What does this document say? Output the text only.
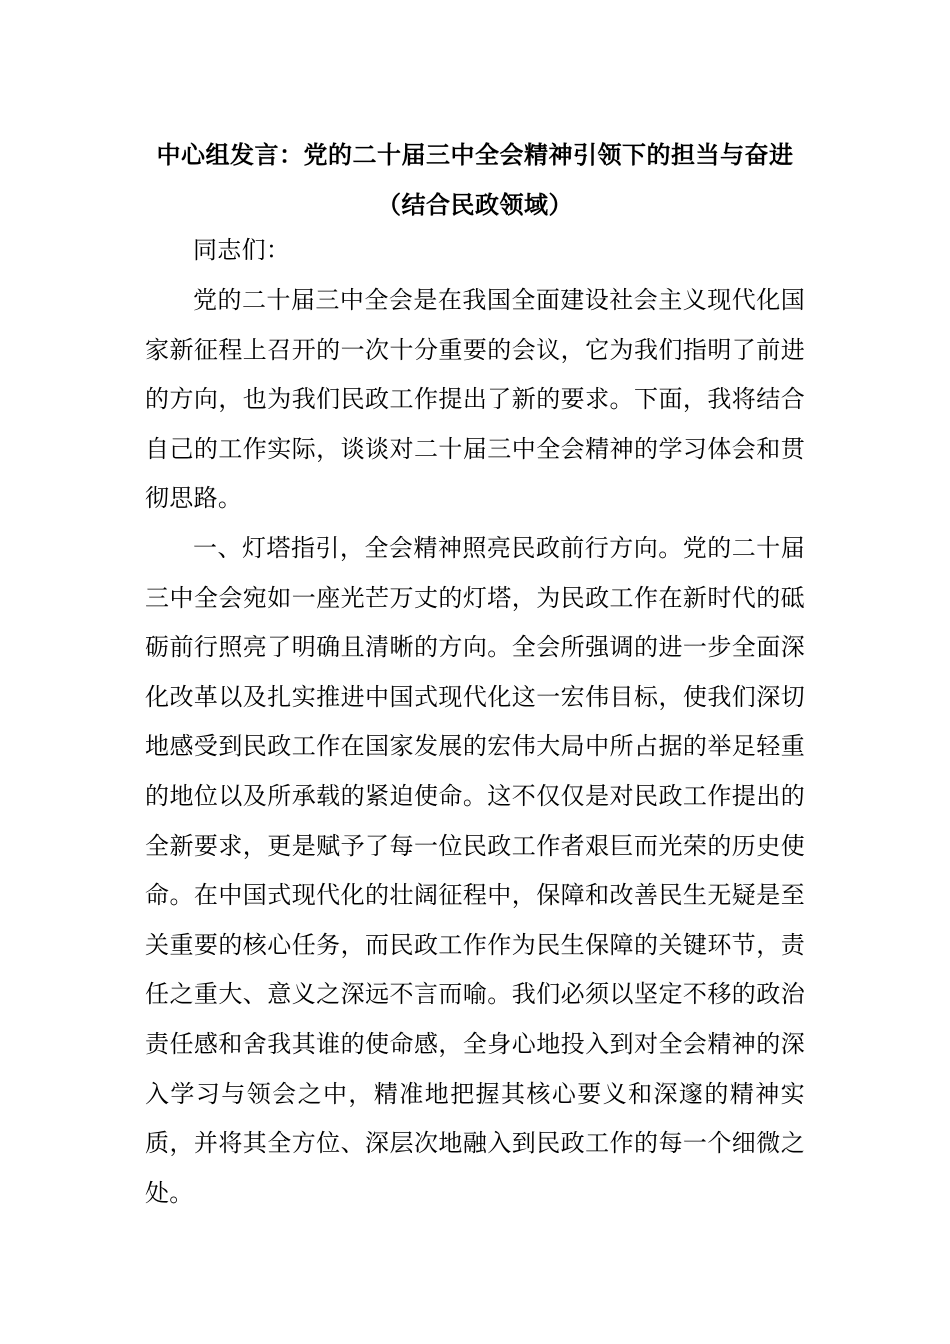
中心组发言：党的二十届三中全会精神引领下的担当与奋进（结合民政领域）

同志们：

党的二十届三中全会是在我国全面建设社会主义现代化国家新征程上召开的一次十分重要的会议，它为我们指明了前进的方向，也为我们民政工作提出了新的要求。下面，我将结合自己的工作实际，谈谈对二十届三中全会精神的学习体会和贯彻思路。

一、灯塔指引，全会精神照亮民政前行方向。党的二十届三中全会宛如一座光芒万丈的灯塔，为民政工作在新时代的砥砺前行照亮了明确且清晰的方向。全会所强调的进一步全面深化改革以及扎实推进中国式现代化这一宏伟目标，使我们深切地感受到民政工作在国家发展的宏伟大局中所占据的举足轻重的地位以及所承载的紧迫使命。这不仅仅是对民政工作提出的全新要求，更是赋予了每一位民政工作者艰巨而光荣的历史使命。在中国式现代化的壮阔征程中，保障和改善民生无疑是至关重要的核心任务，而民政工作作为民生保障的关键环节，责任之重大、意义之深远不言而喻。我们必须以坚定不移的政治责任感和舍我其谁的使命感，全身心地投入到对全会精神的深入学习与领会之中，精准地把握其核心要义和深邃的精神实质，并将其全方位、深层次地融入到民政工作的每一个细微之处。
